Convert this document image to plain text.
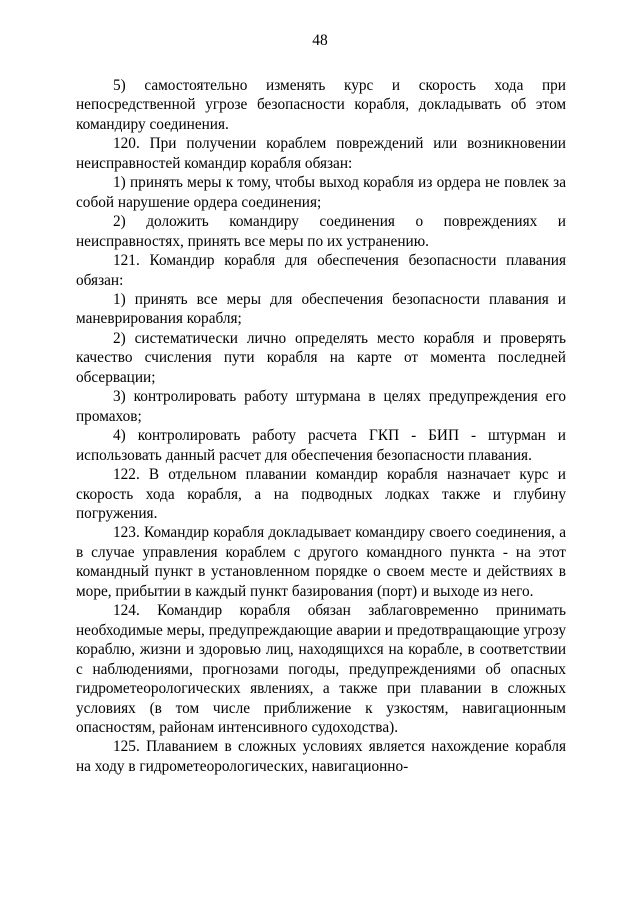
48

5) самостоятельно изменять курс и скорость хода при непосредственной угрозе безопасности корабля, докладывать об этом командиру соединения.

120. При получении кораблем повреждений или возникновении неисправностей командир корабля обязан:

1) принять меры к тому, чтобы выход корабля из ордера не повлек за собой нарушение ордера соединения;

2) доложить командиру соединения о повреждениях и неисправностях, принять все меры по их устранению.

121. Командир корабля для обеспечения безопасности плавания обязан:

1) принять все меры для обеспечения безопасности плавания и маневрирования корабля;

2) систематически лично определять место корабля и проверять качество счисления пути корабля на карте от момента последней обсервации;

3) контролировать работу штурмана в целях предупреждения его промахов;

4) контролировать работу расчета ГКП - БИП - штурман и использовать данный расчет для обеспечения безопасности плавания.

122. В отдельном плавании командир корабля назначает курс и скорость хода корабля, а на подводных лодках также и глубину погружения.

123. Командир корабля докладывает командиру своего соединения, а в случае управления кораблем с другого командного пункта - на этот командный пункт в установленном порядке о своем месте и действиях в море, прибытии в каждый пункт базирования (порт) и выходе из него.

124. Командир корабля обязан заблаговременно принимать необходимые меры, предупреждающие аварии и предотвращающие угрозу кораблю, жизни и здоровью лиц, находящихся на корабле, в соответствии с наблюдениями, прогнозами погоды, предупреждениями об опасных гидрометеорологических явлениях, а также при плавании в сложных условиях (в том числе приближение к узкостям, навигационным опасностям, районам интенсивного судоходства).

125. Плаванием в сложных условиях является нахождение корабля на ходу в гидрометеорологических, навигационно-
